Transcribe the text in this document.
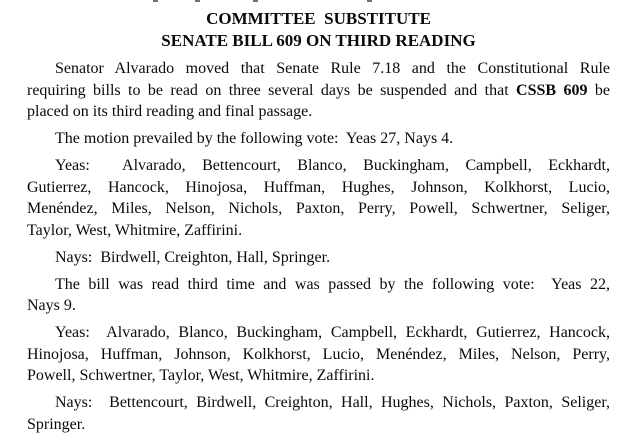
COMMITTEE  SUBSTITUTE
SENATE BILL 609 ON THIRD READING
Senator Alvarado moved that Senate Rule 7.18 and the Constitutional Rule
requiring bills to be read on three several days be suspended and that CSSB 609 be
placed on its third reading and final passage.
The motion prevailed by the following vote:  Yeas 27, Nays 4.
Yeas:  Alvarado, Bettencourt, Blanco, Buckingham, Campbell, Eckhardt,
Gutierrez, Hancock, Hinojosa, Huffman, Hughes, Johnson, Kolkhorst, Lucio,
Menéndez, Miles, Nelson, Nichols, Paxton, Perry, Powell, Schwertner, Seliger,
Taylor, West, Whitmire, Zaffirini.
Nays:  Birdwell, Creighton, Hall, Springer.
The bill was read third time and was passed by the following vote:  Yeas 22,
Nays 9.
Yeas:  Alvarado, Blanco, Buckingham, Campbell, Eckhardt, Gutierrez, Hancock,
Hinojosa, Huffman, Johnson, Kolkhorst, Lucio, Menéndez, Miles, Nelson, Perry,
Powell, Schwertner, Taylor, West, Whitmire, Zaffirini.
Nays:  Bettencourt, Birdwell, Creighton, Hall, Hughes, Nichols, Paxton, Seliger,
Springer.
